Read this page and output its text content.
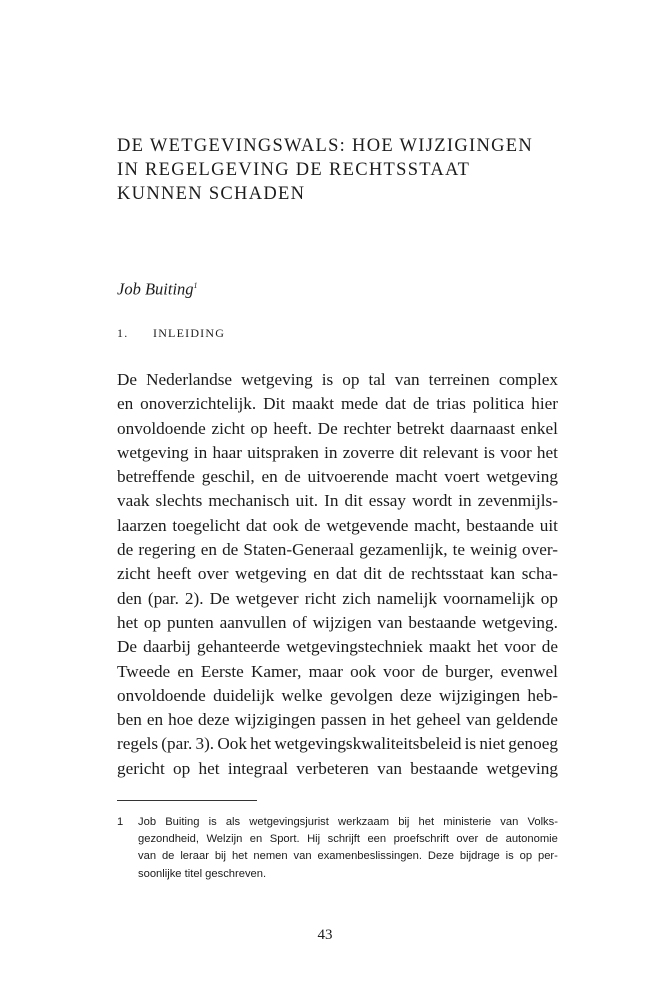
DE WETGEVINGSWALS: HOE WIJZIGINGEN
IN REGELGEVING DE RECHTSSTAAT
KUNNEN SCHADEN
Job Buiting$^1$
1. INLEIDING
De Nederlandse wetgeving is op tal van terreinen complex
en onoverzichtelijk. Dit maakt mede dat de trias politica hier
onvoldoende zicht op heeft. De rechter betrekt daarnaast enkel
wetgeving in haar uitspraken in zoverre dit relevant is voor het
betreffende geschil, en de uitvoerende macht voert wetgeving
vaak slechts mechanisch uit. In dit essay wordt in zevenmijls-
laarzen toegelicht dat ook de wetgevende macht, bestaande uit
de regering en de Staten-Generaal gezamenlijk, te weinig over-
zicht heeft over wetgeving en dat dit de rechtsstaat kan scha-
den (par. 2). De wetgever richt zich namelijk voornamelijk op
het op punten aanvullen of wijzigen van bestaande wetgeving.
De daarbij gehanteerde wetgevingstechniek maakt het voor de
Tweede en Eerste Kamer, maar ook voor de burger, evenwel
onvoldoende duidelijk welke gevolgen deze wijzigingen heb-
ben en hoe deze wijzigingen passen in het geheel van geldende
regels (par. 3). Ook het wetgevingskwaliteitsbeleid is niet genoeg
gericht op het integraal verbeteren van bestaande wetgeving
1 Job Buiting is als wetgevingsjurist werkzaam bij het ministerie van Volks-
gezondheid, Welzijn en Sport. Hij schrijft een proefschrift over de autonomie
van de leraar bij het nemen van examenbeslissingen. Deze bijdrage is op per-
soonlijke titel geschreven.
43
